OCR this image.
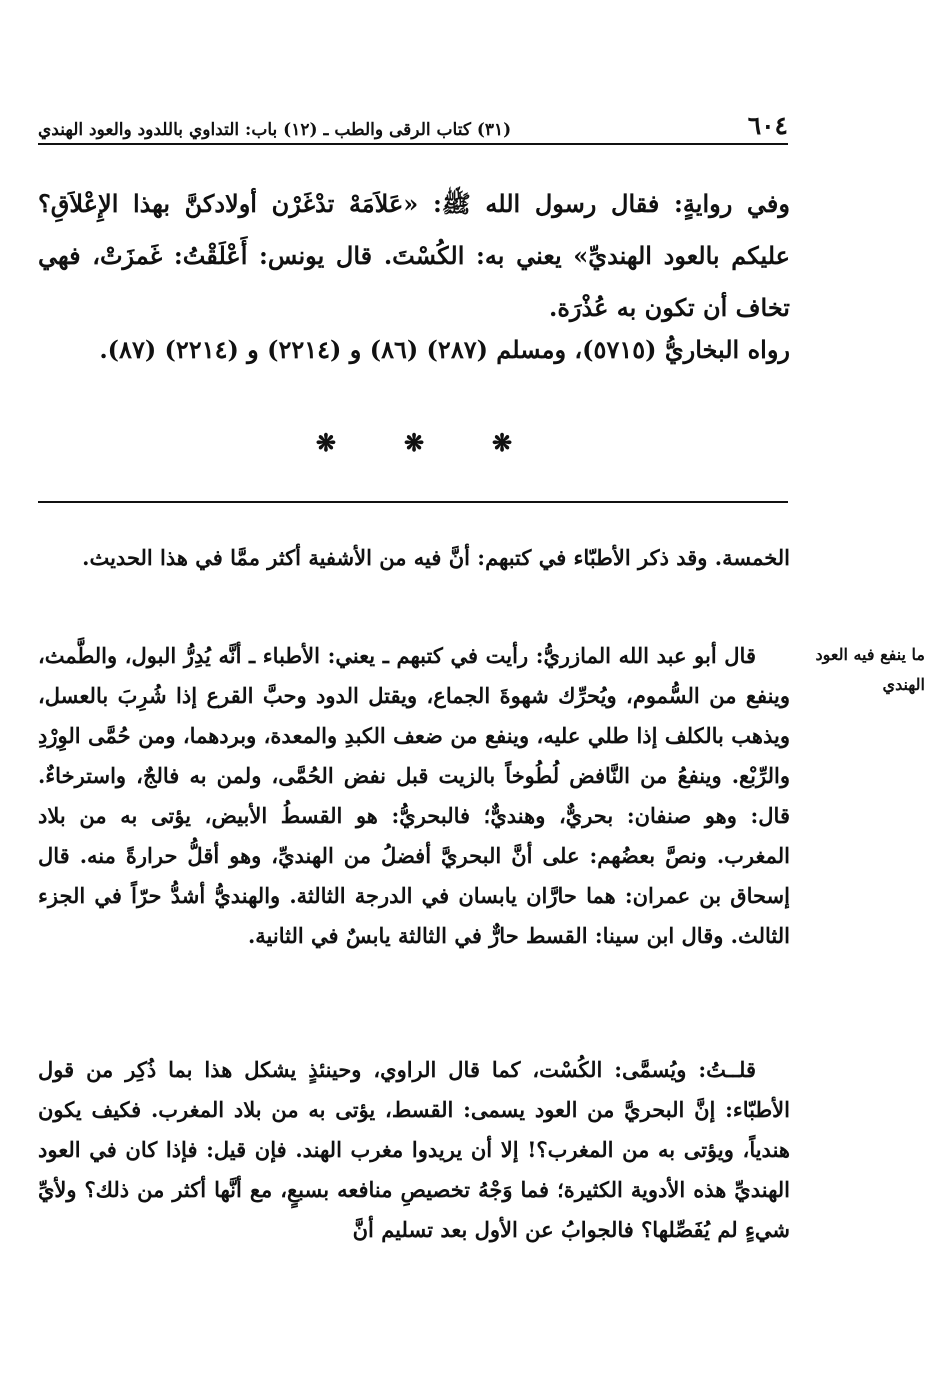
٦٠٤
(٣١) كتاب الرقى والطب ـ (١٢) باب: التداوي باللدود والعود الهندي

وفي روايةٍ: فقال رسول الله ﷺ: «عَلاَمَهْ تدْغَرْن أولادكنَّ بهذا الإِعْلاَقِ؟ عليكم بالعود الهنديِّ» يعني به: الكُسْتَ. قال يونس: أَعْلَقْتُ: غَمزَتْ، فهي تخاف أن تكون به عُذْرَة.

رواه البخاريُّ (٥٧١٥)، ومسلم (٢٨٧) (٨٦) و (٢٢١٤) و (٢٢١٤) (٨٧).

❋	❋	❋

الخمسة. وقد ذكر الأطبّاء في كتبهم: أنَّ فيه من الأشفية أكثر ممَّا في هذا الحديث.

قال أبو عبد الله المازريُّ: رأيت في كتبهم ـ يعني: الأطباء ـ أنَّه يُدِرُّ البول، والطَّمث، وينفع من السُّموم، ويُحرِّك شهوةَ الجماع، ويقتل الدود وحبَّ القرع إذا شُرِبَ بالعسل، ويذهب بالكلف إذا طلي عليه، وينفع من ضعف الكبدِ والمعدة، وبردهما، ومن حُمَّى الوِرْدِ والرِّبْع. وينفعُ من النَّافض لُطُوخاً بالزيت قبل نفض الحُمَّى، ولمن به فالجٌ، واسترخاءٌ. قال: وهو صنفان: بحريٌّ، وهنديٌّ؛ فالبحريُّ: هو القسطُ الأبيض، يؤتى به من بلاد المغرب. ونصَّ بعضُهم: على أنَّ البحريَّ أفضلُ من الهنديِّ، وهو أقلُّ حرارةً منه. قال إسحاق بن عمران: هما حارَّان يابسان في الدرجة الثالثة. والهنديُّ أشدُّ حرّاً في الجزء الثالث. وقال ابن سينا: القسط حارٌّ في الثالثة يابسٌ في الثانية.

قلــتُ: ويُسمَّى: الكُسْت، كما قال الراوي، وحينئذٍ يشكل هذا بما ذُكِر من قول الأطبّاء: إنَّ البحريَّ من العود يسمى: القسط، يؤتى به من بلاد المغرب. فكيف يكون هندياً، ويؤتى به من المغرب؟! إلا أن يريدوا مغرب الهند. فإن قيل: فإذا كان في العود الهنديِّ هذه الأدوية الكثيرة؛ فما وَجْهُ تخصيصِ منافعه بسبعٍ، مع أنَّها أكثر من ذلك؟ ولأيِّ شيءٍ لم يُفَصِّلها؟ فالجوابُ عن الأول بعد تسليم أنَّ

ما ينفع فيه العود الهندي
